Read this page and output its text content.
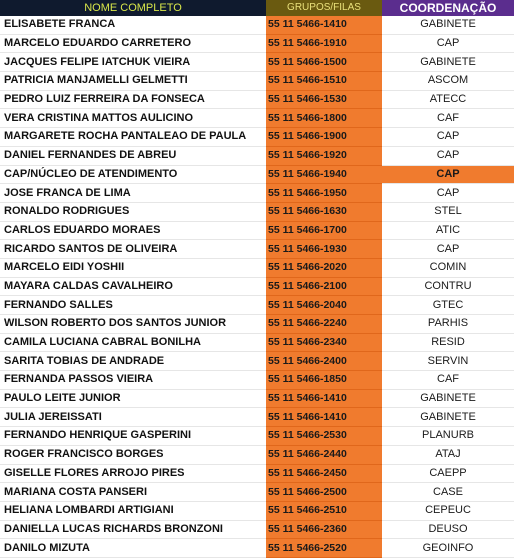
NOME COMPLETO	GRUPOS/FILAS	COORDENAÇÃO
ELISABETE FRANCA	55 11 5466-1410	GABINETE
MARCELO EDUARDO CARRETERO	55 11 5466-1910	CAP
JACQUES FELIPE IATCHUK VIEIRA	55 11 5466-1500	GABINETE
PATRICIA MANJAMELLI GELMETTI	55 11 5466-1510	ASCOM
PEDRO LUIZ FERREIRA DA FONSECA	55 11 5466-1530	ATECC
VERA CRISTINA MATTOS AULICINO	55 11 5466-1800	CAF
MARGARETE ROCHA PANTALEAO DE PAULA	55 11 5466-1900	CAP
DANIEL FERNANDES DE ABREU	55 11 5466-1920	CAP
CAP/NÚCLEO DE ATENDIMENTO	55 11 5466-1940	CAP
JOSE FRANCA DE LIMA	55 11 5466-1950	CAP
RONALDO RODRIGUES	55 11 5466-1630	STEL
CARLOS EDUARDO MORAES	55 11 5466-1700	ATIC
RICARDO SANTOS DE OLIVEIRA	55 11 5466-1930	CAP
MARCELO EIDI YOSHII	55 11 5466-2020	COMIN
MAYARA CALDAS CAVALHEIRO	55 11 5466-2100	CONTRU
FERNANDO SALLES	55 11 5466-2040	GTEC
WILSON ROBERTO DOS SANTOS JUNIOR	55 11 5466-2240	PARHIS
CAMILA LUCIANA CABRAL BONILHA	55 11 5466-2340	RESID
SARITA TOBIAS DE ANDRADE	55 11 5466-2400	SERVIN
FERNANDA PASSOS VIEIRA	55 11 5466-1850	CAF
PAULO LEITE JUNIOR	55 11 5466-1410	GABINETE
JULIA JEREISSATI	55 11 5466-1410	GABINETE
FERNANDO HENRIQUE GASPERINI	55 11 5466-2530	PLANURB
ROGER FRANCISCO BORGES	55 11 5466-2440	ATAJ
GISELLE FLORES ARROJO PIRES	55 11 5466-2450	CAEPP
MARIANA COSTA PANSERI	55 11 5466-2500	CASE
HELIANA LOMBARDI ARTIGIANI	55 11 5466-2510	CEPEUC
DANIELLA LUCAS RICHARDS BRONZONI	55 11 5466-2360	DEUSO
DANILO MIZUTA	55 11 5466-2520	GEOINFO
